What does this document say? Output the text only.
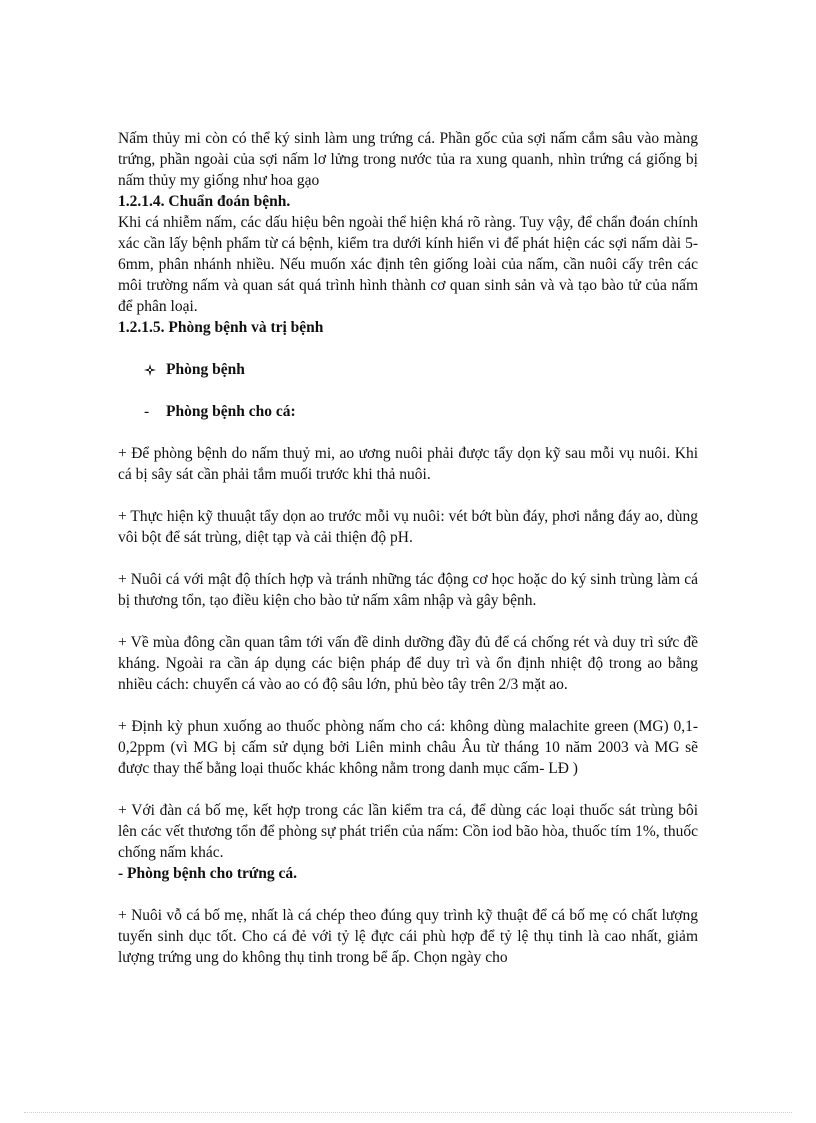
Nấm thủy mi còn có thể ký sinh làm ung trứng cá. Phần gốc của sợi nấm cắm sâu vào màng trứng, phần ngoài của sợi nấm lơ lửng trong nước tủa ra xung quanh, nhìn trứng cá giống bị nấm thủy my giống như hoa gạo

1.2.1.4. Chuẩn đoán bệnh.

Khi cá nhiễm nấm, các dấu hiệu bên ngoài thể hiện khá rõ ràng. Tuy vậy, để chẩn đoán chính xác cần lấy bệnh phẩm từ cá bệnh, kiểm tra dưới kính hiển vi để phát hiện các sợi nấm dài 5-6mm, phân nhánh nhiều. Nếu muốn xác định tên giống loài của nấm, cần nuôi cấy trên các môi trường nấm và quan sát quá trình hình thành cơ quan sinh sản và và tạo bào tử của nấm để phân loại.

1.2.1.5. Phòng bệnh và trị bệnh

Phòng bệnh
-	Phòng bệnh cho cá:

+ Để phòng bệnh do nấm thuỷ mi, ao ương nuôi phải được tẩy dọn kỹ sau mỗi vụ nuôi. Khi cá bị sây sát cần phải tắm muối trước khi thả nuôi.

+ Thực hiện kỹ thuuật tẩy dọn ao trước mỗi vụ nuôi: vét bớt bùn đáy, phơi nắng đáy ao, dùng vôi bột để sát trùng, diệt tạp và cải thiện độ pH.

+ Nuôi cá với mật độ thích hợp và tránh những tác động cơ học hoặc do ký sinh trùng làm cá bị thương tổn, tạo điều kiện cho bào tử nấm xâm nhập và gây bệnh.

+ Về mùa đông cần quan tâm tới vấn đề dinh dưỡng đầy đủ để cá chống rét và duy trì sức đề kháng. Ngoài ra cần áp dụng các biện pháp để duy trì và ổn định nhiệt độ trong ao bằng nhiều cách: chuyển cá vào ao có độ sâu lớn, phủ bèo tây trên 2/3 mặt ao.

+ Định kỳ phun xuống ao thuốc phòng nấm cho cá: không dùng malachite green (MG) 0,1-0,2ppm (vì MG bị cấm sử dụng bởi Liên minh châu Âu từ tháng 10 năm 2003 và MG sẽ được thay thế bằng loại thuốc khác không nằm trong danh mục cấm- LĐ )

+ Với đàn cá bố mẹ, kết hợp trong các lần kiểm tra cá, để dùng các loại thuốc sát trùng bôi lên các vết thương tổn để phòng sự phát triển của nấm: Cồn iod bão hòa, thuốc tím 1%, thuốc chống nấm khác.

- Phòng bệnh cho trứng cá.

+ Nuôi vỗ cá bố mẹ, nhất là cá chép theo đúng quy trình kỹ thuật để cá bố mẹ có chất lượng tuyến sinh dục tốt. Cho cá đẻ với tỷ lệ đực cái phù hợp để tỷ lệ thụ tinh là cao nhất, giảm lượng trứng ung do không thụ tinh trong bể ấp. Chọn ngày cho
